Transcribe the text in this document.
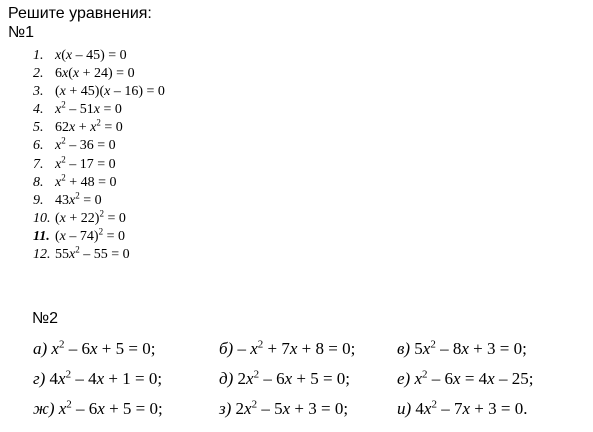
Решите уравнения:
№1
1. x(x – 45) = 0
2. 6x(x + 24) = 0
3. (x + 45)(x – 16) = 0
4. $x^2 - 51x = 0$
5. $62x + x^2 = 0$
6. $x^2 - 36 = 0$
7. $x^2 - 17 = 0$
8. $x^2 + 48 = 0$
9. $43x^2 = 0$
10. $(x + 22)^2 = 0$
11. (x – 74)$^2$ = 0
12. $55x^2 - 55 = 0$
№2
а) $x^2 - 6x + 5 = 0$;	$б) - x^2 + 7x + 8 = 0$; в) $5x^2 - 8x + 3 = 0$;
г) $4x^2 - 4x + 1 = 0$;	д) $2x^2 - 6x + 5 = 0$;	е) $x^2 - 6x = 4x - 25$;
ж) $x^2 - 6x + 5 = 0$;	з) $2x^2 - 5x + 3 = 0$;	и) $4x^2 - 7x + 3 = 0$.
